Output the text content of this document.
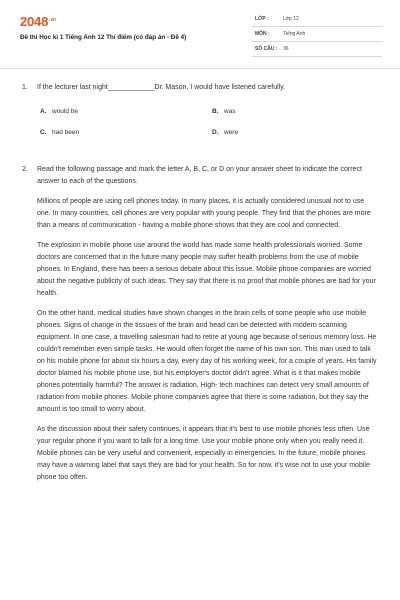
$2048^{.vn}$
Đề thi Học kì 1 Tiếng Anh 12 Thí điểm (có đáp án - Đề 4)
LỚP :	Lớp 12
MÔN :	Tiếng Anh
SỐ CÂU : 36
1. If the lecturer last night____________Dr. Mason, I would have listened carefully.
A. would be	B. was
C. had been	D. were
2. Read the following passage and mark the letter A, B, C, or D on your answer sheet to indicate the correct answer to each of the questions.
Millions of people are using cell phones today. In many places, it is actually considered unusual not to use one. In many countries, cell phones are very popular with young people. They find that the phones are more than a means of communication - having a mobile phone shows that they are cool and connected.
The explosion in mobile phone use around the world has made some health professionals worried. Some doctors are concerned that in the future many people may suffer health problems from the use of mobile phones. In England, there has been a serious debate about this issue. Mobile phone companies are worried about the negative publicity of such ideas. They say that there is no proof that mobile phones are bad for your health.
On the other hand, medical studies have shown changes in the brain cells of some people who use mobile phones. Signs of change in the tissues of the brain and head can be detected with modern scanning equipment. In one case, a travelling salesman had to retire at young age because of serious memory loss. He couldn't remember even simple tasks. He would often forget the name of his own son. This man used to talk on his mobile phone for about six hours a day, every day of his working week, for a couple of years. His family doctor blamed his mobile phone use, but his employer's doctor didn't agree. What is it that makes mobile phones potentially harmful? The answer is radiation. High- tech machines can detect very small amounts of radiation from mobile phones. Mobile phone companies agree that there is some radiation, but they say the amount is too small to worry about.
As the discussion about their safety continues, it appears that it's best to use mobile phones less often. Use your regular phone if you want to talk for a long time. Use your mobile phone only when you really need it. Mobile phones can be very useful and convenient, especially in emergencies. In the future, mobile phones may have a warning label that says they are bad for your health. So for now, it's wise not to use your mobile phone too often.
